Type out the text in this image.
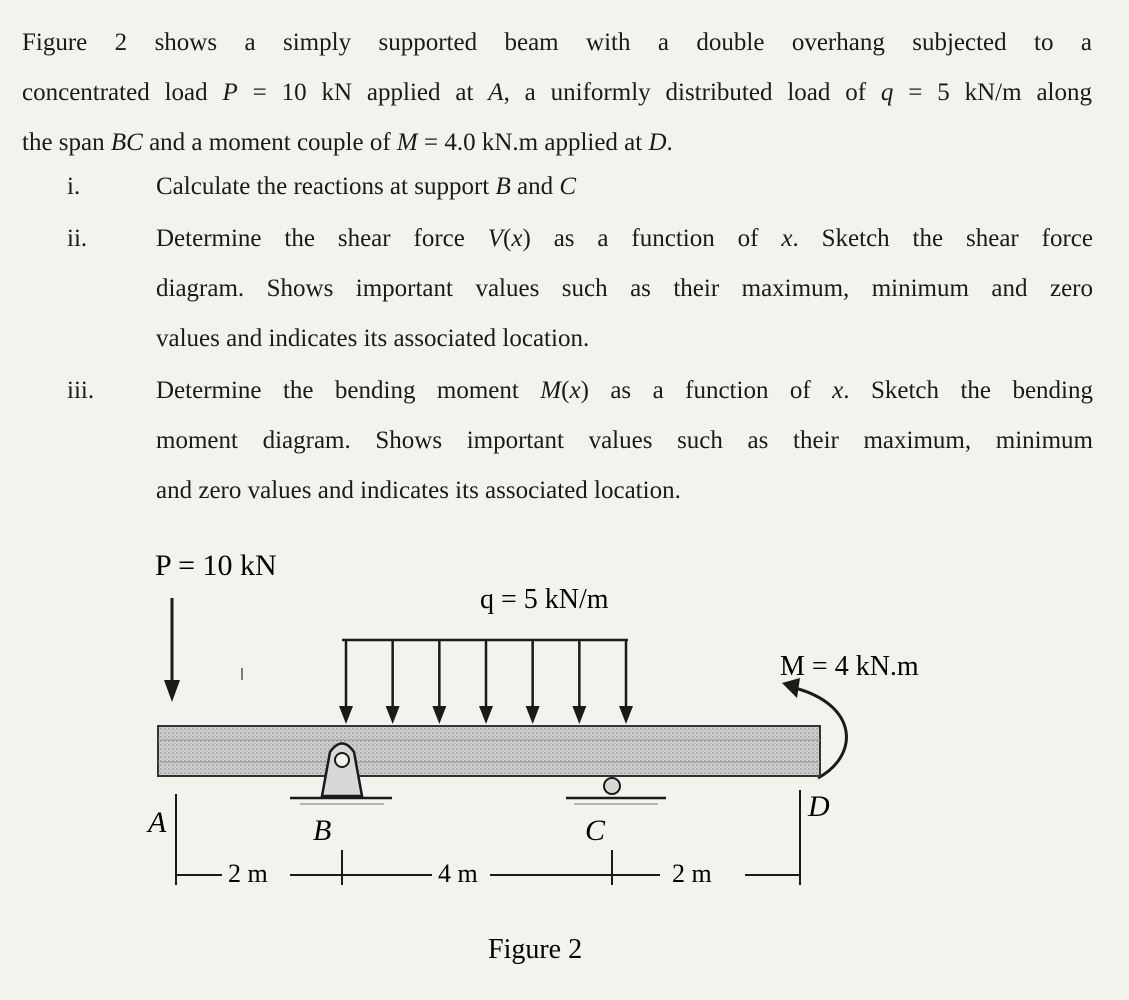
Figure 2 shows a simply supported beam with a double overhang subjected to a
concentrated load P = 10 kN applied at A, a uniformly distributed load of q = 5 kN/m along
the span BC and a moment couple of M = 4.0 kN.m applied at D.
i.	Calculate the reactions at support B and C
ii.	Determine the shear force V(x) as a function of x. Sketch the shear force
diagram. Shows important values such as their maximum, minimum and zero
values and indicates its associated location.
iii. Determine the bending moment M(x) as a function of x. Sketch the bending
moment diagram. Shows important values such as their maximum, minimum
and zero values and indicates its associated location.
P = 10 kN
q = 5 kN/m
M = 4 kN.m
A	B	C
D
2 m	4 m	2 m
Figure 2
